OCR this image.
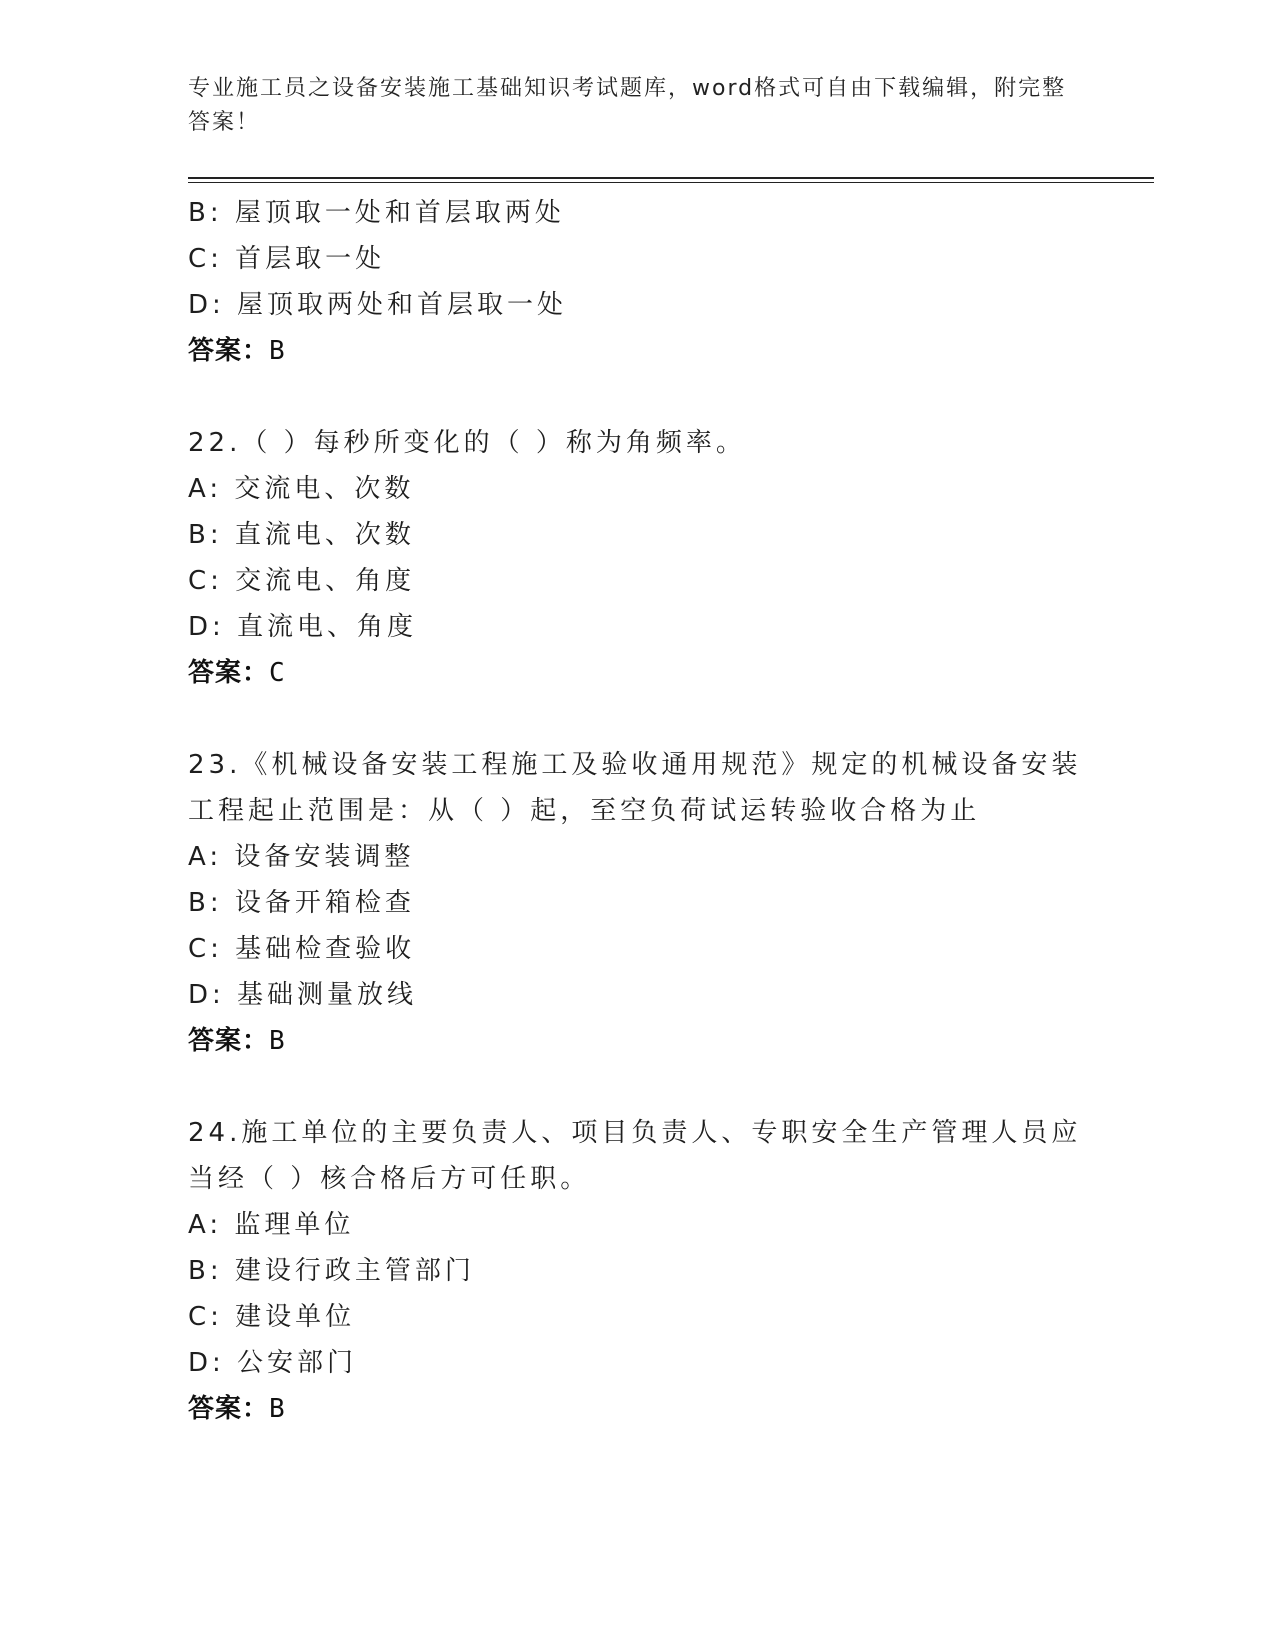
专业施工员之设备安装施工基础知识考试题库，word格式可自由下载编辑，附完整答案！
B: 屋顶取一处和首层取两处
C: 首层取一处
D: 屋顶取两处和首层取一处
答案：B
22.（ ）每秒所变化的（ ）称为角频率。
A: 交流电、次数
B: 直流电、次数
C: 交流电、角度
D: 直流电、角度
答案：C
23.《机械设备安装工程施工及验收通用规范》规定的机械设备安装工程起止范围是：从（ ）起，至空负荷试运转验收合格为止
A: 设备安装调整
B: 设备开箱检查
C: 基础检查验收
D: 基础测量放线
答案：B
24.施工单位的主要负责人、项目负责人、专职安全生产管理人员应当经（ ）核合格后方可任职。
A: 监理单位
B: 建设行政主管部门
C: 建设单位
D: 公安部门
答案：B
